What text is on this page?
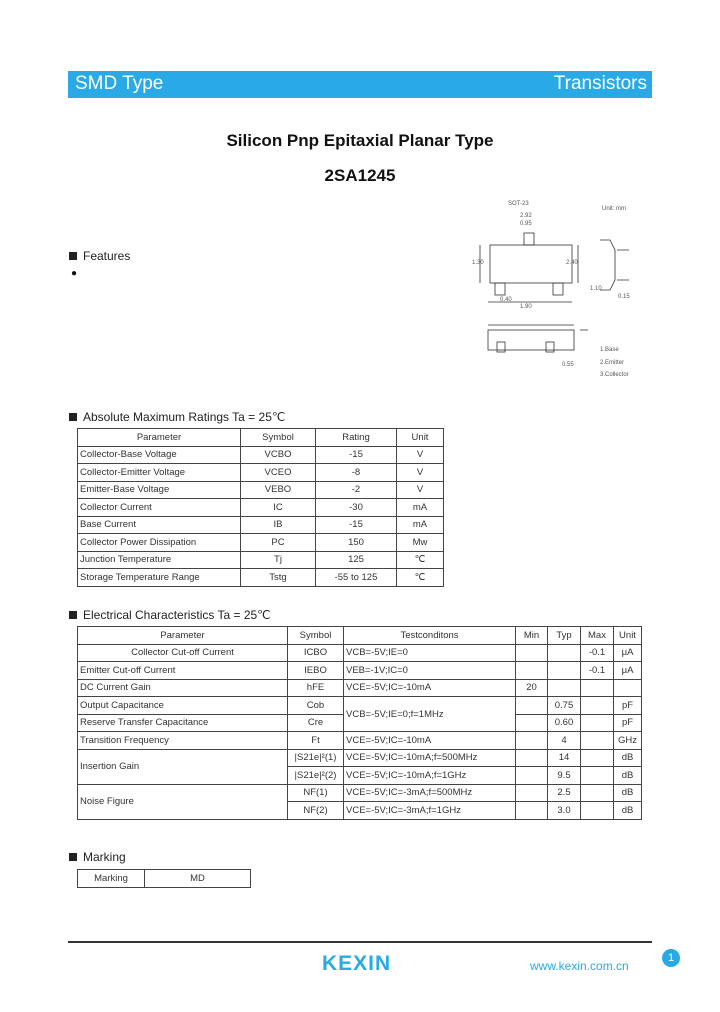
SMD Type	Transistors
Silicon Pnp Epitaxial Planar Type
2SA1245
Features
●
SOT-23
Unit: mm
2.92
0.95
1.30	2.40
1.90
0.40
1.10
0.15
0.55
1.Base
2.Emitter
3.Collector
Absolute Maximum Ratings Ta = 25℃
Parameter	Symbol	Rating	Unit
Collector-Base Voltage	VCBO	-15	V
Collector-Emitter Voltage	VCEO	-8	V
Emitter-Base Voltage	VEBO	-2	V
Collector Current	IC	-30	mA
Base Current	IB	-15	mA
Collector Power Dissipation	PC	150	Mw
Junction Temperature	Tj	125	℃
Storage Temperature Range	Tstg	-55 to 125	℃
Electrical Characteristics Ta = 25℃
Parameter	Symbol	Testconditons	Min	Typ	Max	Unit
Collector Cut-off Current	ICBO	VCB=-5V;IE=0			-0.1	μA
Emitter Cut-off Current	IEBO	VEB=-1V;IC=0			-0.1	μA
DC Current Gain	hFE	VCE=-5V;IC=-10mA	20			
Output Capacitance	Cob	VCB=-5V;IE=0;f=1MHz		0.75		pF
Reserve Transfer Capacitance	Cre			0.60		pF
Transition Frequency	Ft	VCE=-5V;IC=-10mA		4		GHz
Insertion Gain	|S21e|²(1)	VCE=-5V;IC=-10mA;f=500MHz		14		dB
	|S21e|²(2)	VCE=-5V;IC=-10mA;f=1GHz		9.5		dB
Noise Figure	NF(1)	VCE=-5V;IC=-3mA;f=500MHz		2.5		dB
	NF(2)	VCE=-5V;IC=-3mA;f=1GHz		3.0		dB
Marking
Marking	MD
KEXIN	www.kexin.com.cn
1
